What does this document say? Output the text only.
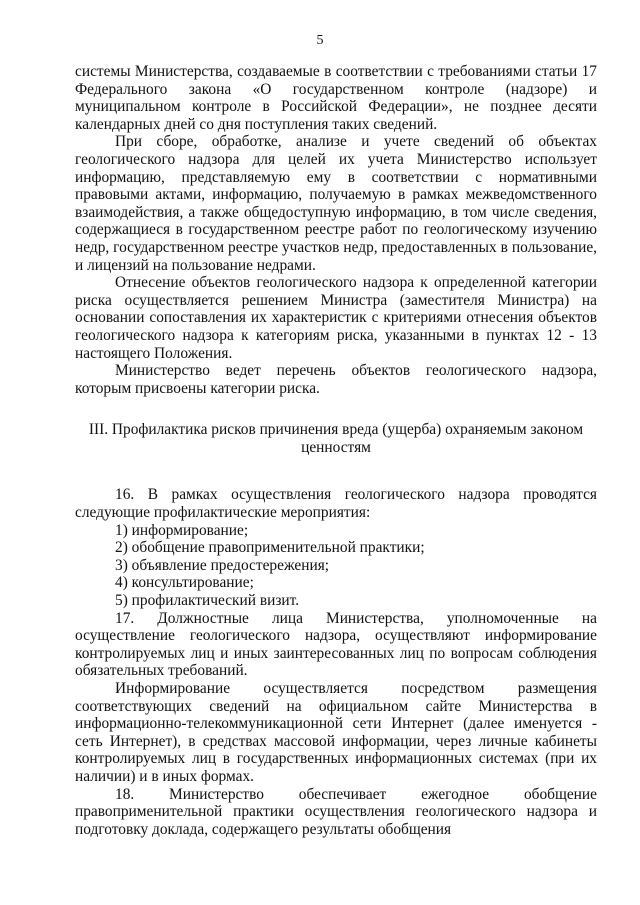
5

системы Министерства, создаваемые в соответствии с требованиями статьи 17 Федерального закона «О государственном контроле (надзоре) и муниципальном контроле в Российской Федерации», не позднее десяти календарных дней со дня поступления таких сведений.

При сборе, обработке, анализе и учете сведений об объектах геологического надзора для целей их учета Министерство использует информацию, представляемую ему в соответствии с нормативными правовыми актами, информацию, получаемую в рамках межведомственного взаимодействия, а также общедоступную информацию, в том числе сведения, содержащиеся в государственном реестре работ по геологическому изучению недр, государственном реестре участков недр, предоставленных в пользование, и лицензий на пользование недрами.

Отнесение объектов геологического надзора к определенной категории риска осуществляется решением Министра (заместителя Министра) на основании сопоставления их характеристик с критериями отнесения объектов геологического надзора к категориям риска, указанными в пунктах 12 - 13 настоящего Положения.

Министерство ведет перечень объектов геологического надзора, которым присвоены категории риска.

III. Профилактика рисков причинения вреда (ущерба) охраняемым законом ценностям

16. В рамках осуществления геологического надзора проводятся следующие профилактические мероприятия:

1) информирование;

2) обобщение правоприменительной практики;

3) объявление предостережения;

4) консультирование;

5) профилактический визит.

17. Должностные лица Министерства, уполномоченные на осуществление геологического надзора, осуществляют информирование контролируемых лиц и иных заинтересованных лиц по вопросам соблюдения обязательных требований.

Информирование осуществляется посредством размещения соответствующих сведений на официальном сайте Министерства в информационно-телекоммуникационной сети Интернет (далее именуется - сеть Интернет), в средствах массовой информации, через личные кабинеты контролируемых лиц в государственных информационных системах (при их наличии) и в иных формах.

18. Министерство обеспечивает ежегодное обобщение правоприменительной практики осуществления геологического надзора и подготовку доклада, содержащего результаты обобщения
